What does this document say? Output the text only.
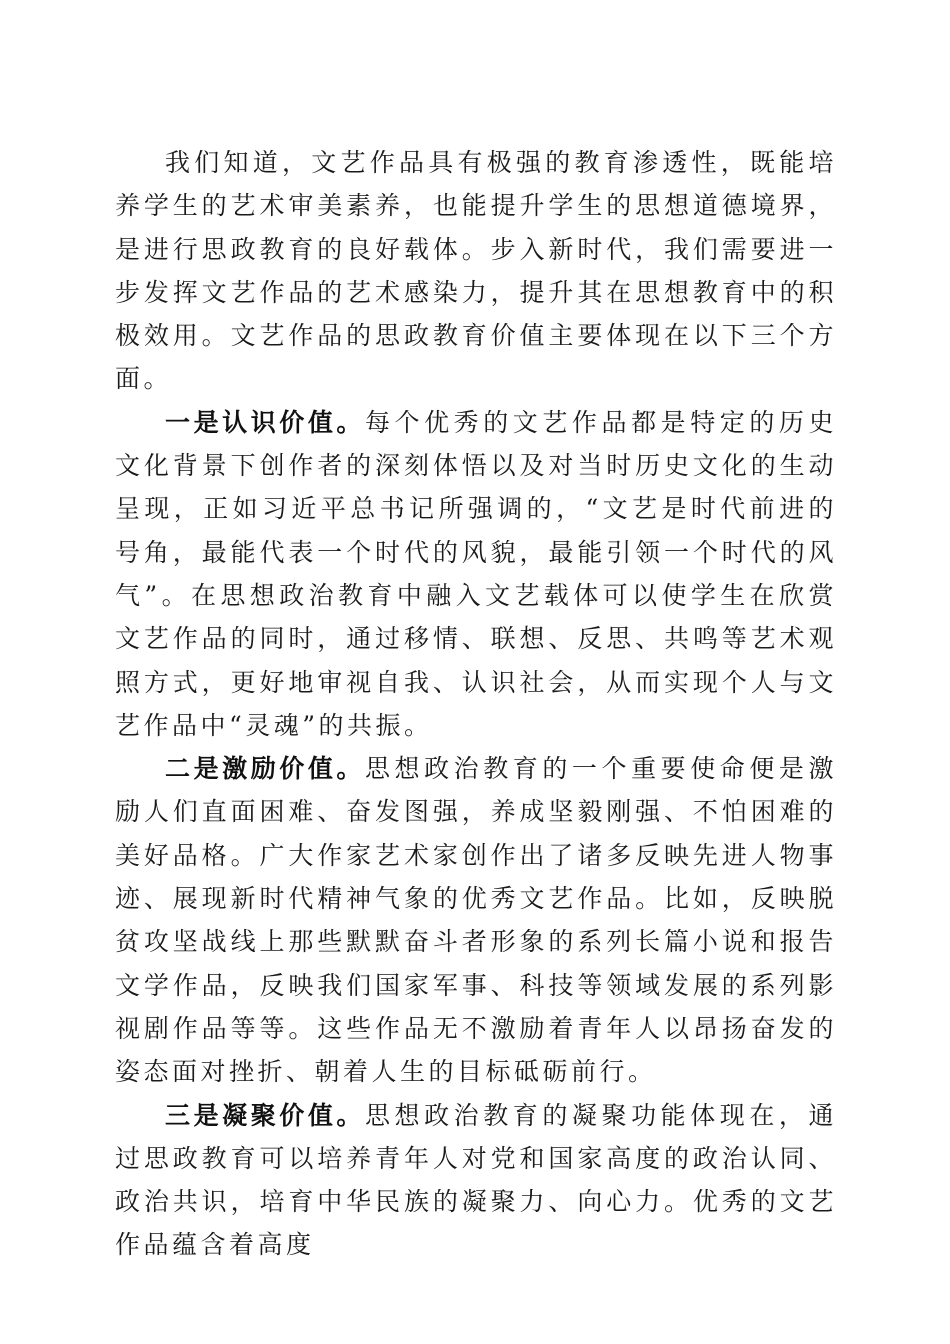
我们知道，文艺作品具有极强的教育渗透性，既能培养学生的艺术审美素养，也能提升学生的思想道德境界，是进行思政教育的良好载体。步入新时代，我们需要进一步发挥文艺作品的艺术感染力，提升其在思想教育中的积极效用。文艺作品的思政教育价值主要体现在以下三个方面。

一是认识价值。每个优秀的文艺作品都是特定的历史文化背景下创作者的深刻体悟以及对当时历史文化的生动呈现，正如习近平总书记所强调的，“文艺是时代前进的号角，最能代表一个时代的风貌，最能引领一个时代的风气”。在思想政治教育中融入文艺载体可以使学生在欣赏文艺作品的同时，通过移情、联想、反思、共鸣等艺术观照方式，更好地审视自我、认识社会，从而实现个人与文艺作品中“灵魂”的共振。

二是激励价值。思想政治教育的一个重要使命便是激励人们直面困难、奋发图强，养成坚毅刚强、不怕困难的美好品格。广大作家艺术家创作出了诸多反映先进人物事迹、展现新时代精神气象的优秀文艺作品。比如，反映脱贫攻坚战线上那些默默奋斗者形象的系列长篇小说和报告文学作品，反映我们国家军事、科技等领域发展的系列影视剧作品等等。这些作品无不激励着青年人以昂扬奋发的姿态面对挫折、朝着人生的目标砥砺前行。

三是凝聚价值。思想政治教育的凝聚功能体现在，通过思政教育可以培养青年人对党和国家高度的政治认同、政治共识，培育中华民族的凝聚力、向心力。优秀的文艺作品蕴含着高度
